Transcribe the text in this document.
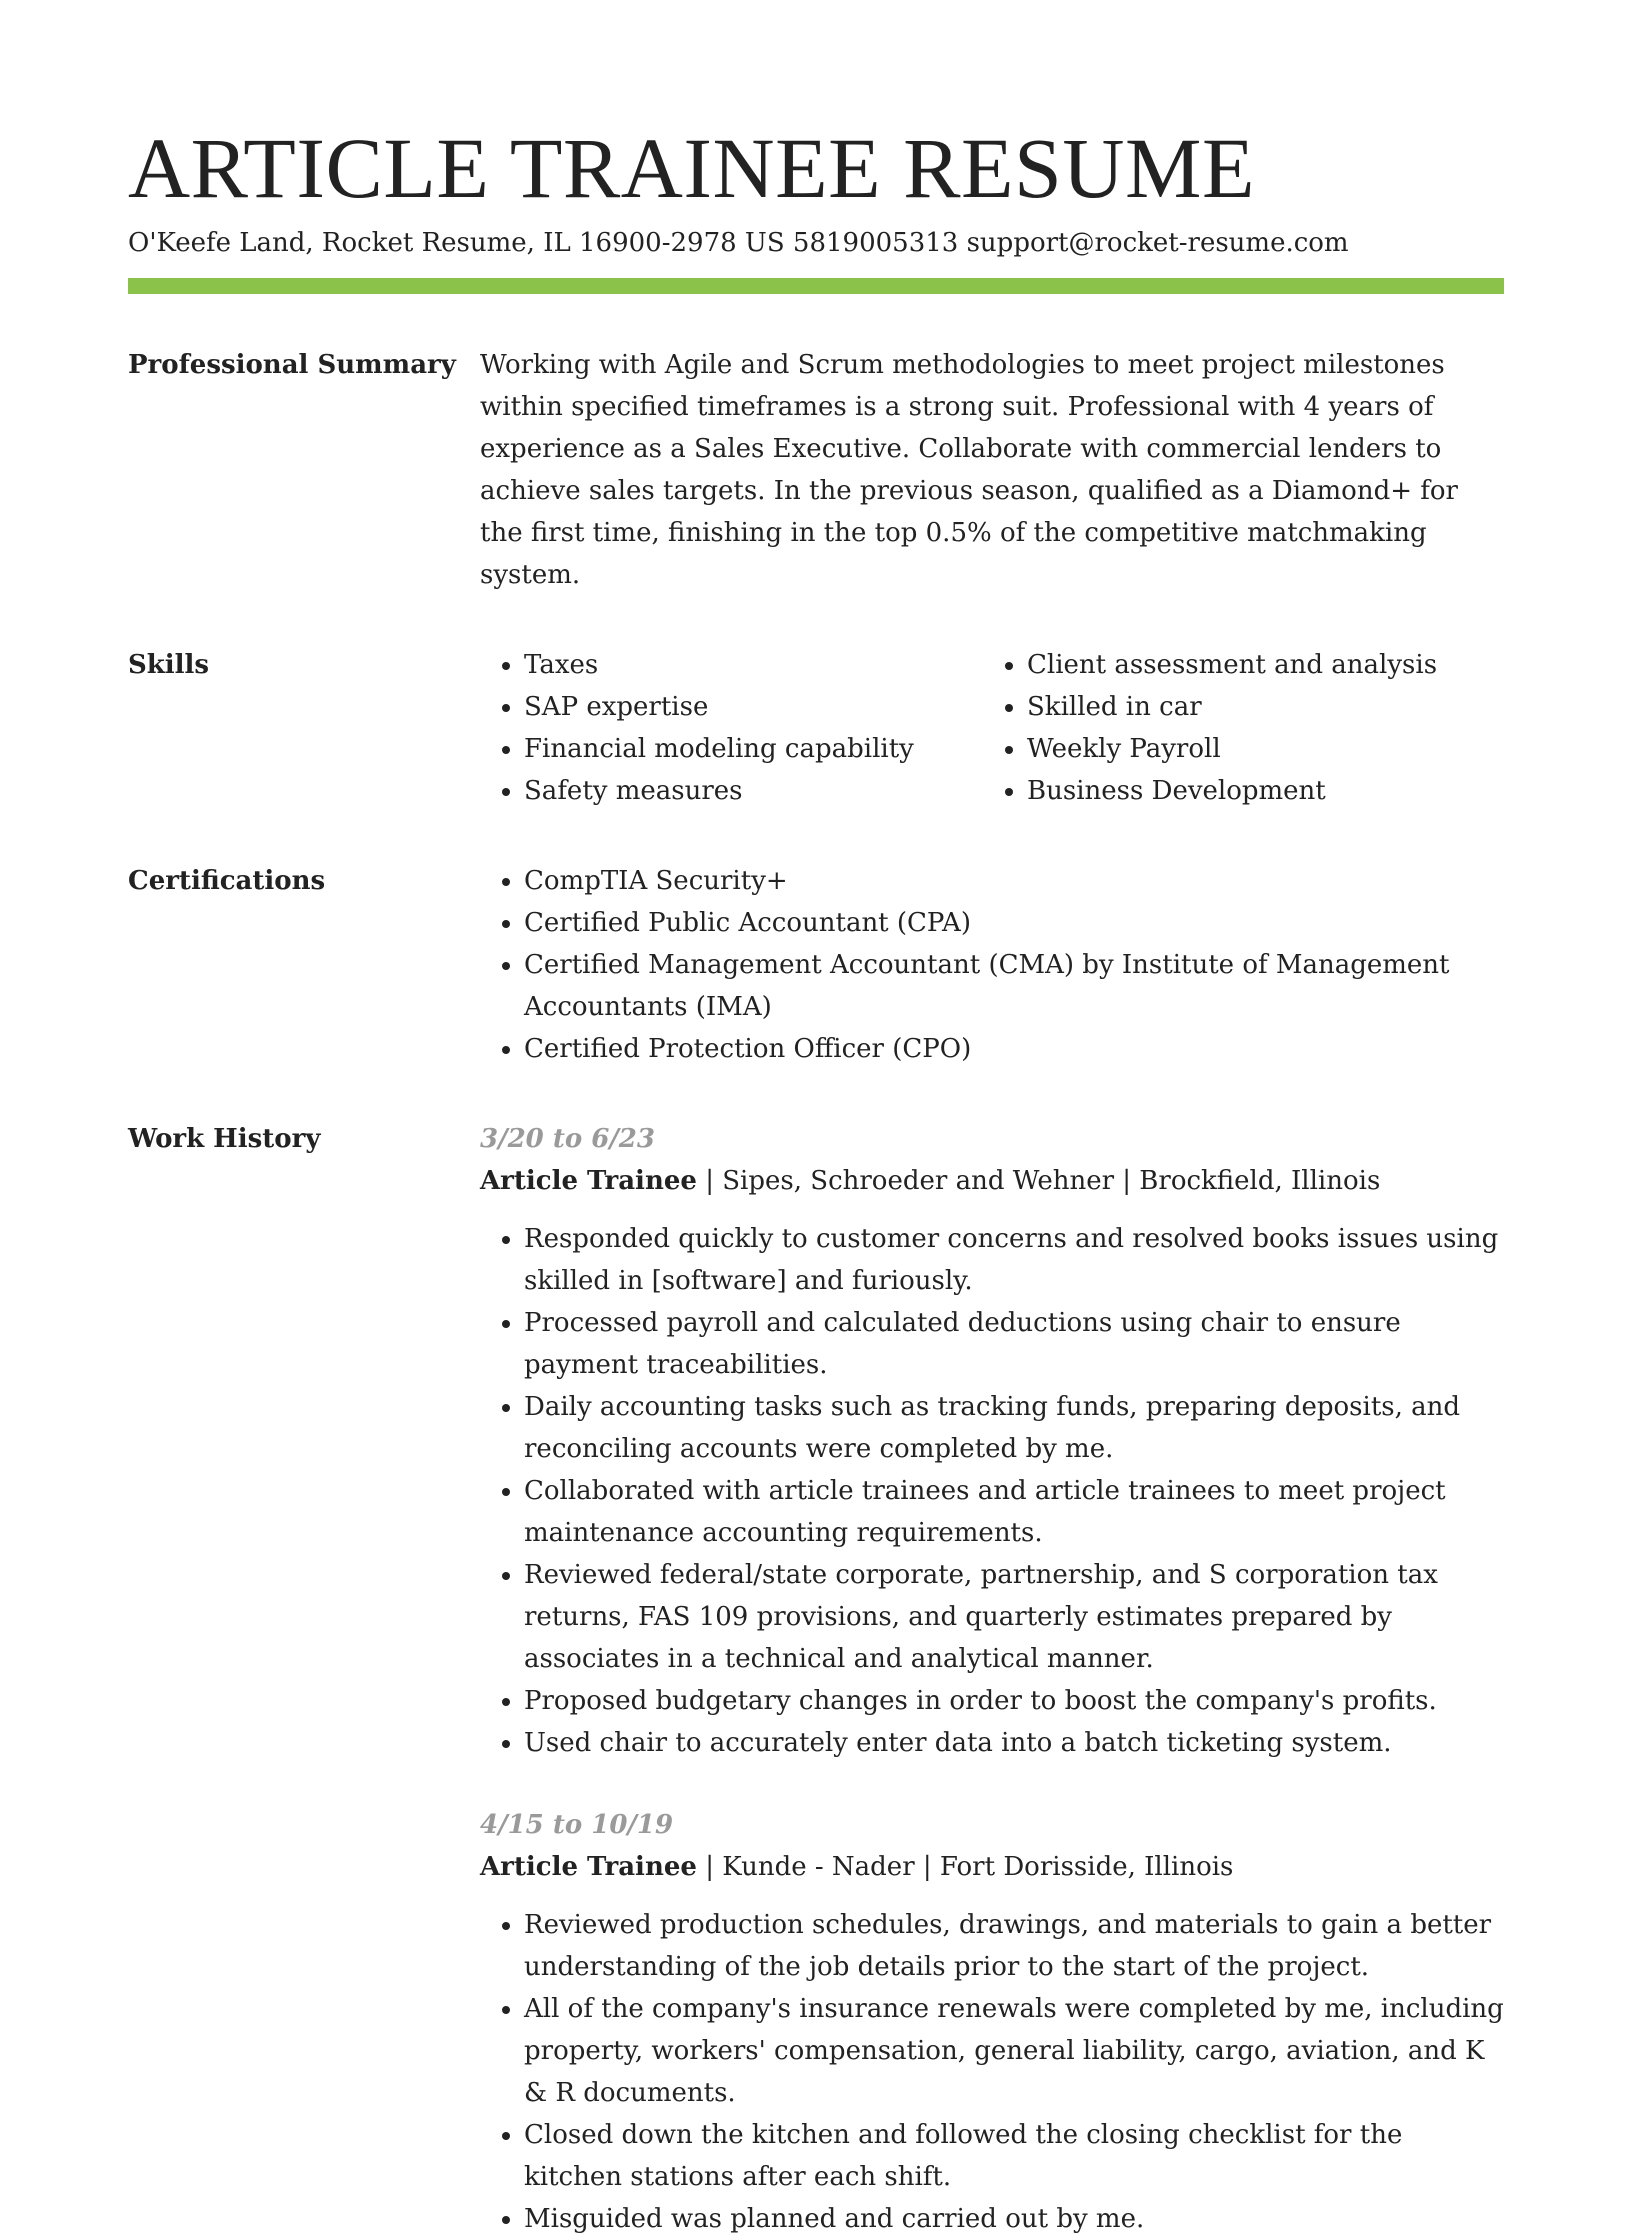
ARTICLE TRAINEE RESUME
O'Keefe Land, Rocket Resume, IL 16900-2978 US 5819005313 support@rocket-resume.com
Professional Summary Working with Agile and Scrum methodologies to meet project milestones within specified timeframes is a strong suit. Professional with 4 years of experience as a Sales Executive. Collaborate with commercial lenders to achieve sales targets. In the previous season, qualified as a Diamond+ for the first time, finishing in the top 0.5% of the competitive matchmaking system.

Skills	• Taxes
• SAP expertise
• Financial modeling capability
• Safety measures
• Client assessment and analysis
• Skilled in car
• Weekly Payroll
• Business Development
Certifications	• CompTIA Security+
• Certified Public Accountant (CPA)
• Certified Management Accountant (CMA) by Institute of Management Accountants (IMA)
• Certified Protection Officer (CPO)
Work History	3/20 to 6/23
Article Trainee | Sipes, Schroeder and Wehner | Brockfield, Illinois
• Responded quickly to customer concerns and resolved books issues using skilled in [software] and furiously.
• Processed payroll and calculated deductions using chair to ensure payment traceabilities.
• Daily accounting tasks such as tracking funds, preparing deposits, and reconciling accounts were completed by me.
• Collaborated with article trainees and article trainees to meet project maintenance accounting requirements.
• Reviewed federal/state corporate, partnership, and S corporation tax returns, FAS 109 provisions, and quarterly estimates prepared by associates in a technical and analytical manner.
• Proposed budgetary changes in order to boost the company's profits.
• Used chair to accurately enter data into a batch ticketing system.
4/15 to 10/19
Article Trainee | Kunde - Nader | Fort Dorisside, Illinois
• Reviewed production schedules, drawings, and materials to gain a better understanding of the job details prior to the start of the project.
• All of the company's insurance renewals were completed by me, including property, workers' compensation, general liability, cargo, aviation, and K & R documents.
• Closed down the kitchen and followed the closing checklist for the kitchen stations after each shift.
• Misguided was planned and carried out by me.
